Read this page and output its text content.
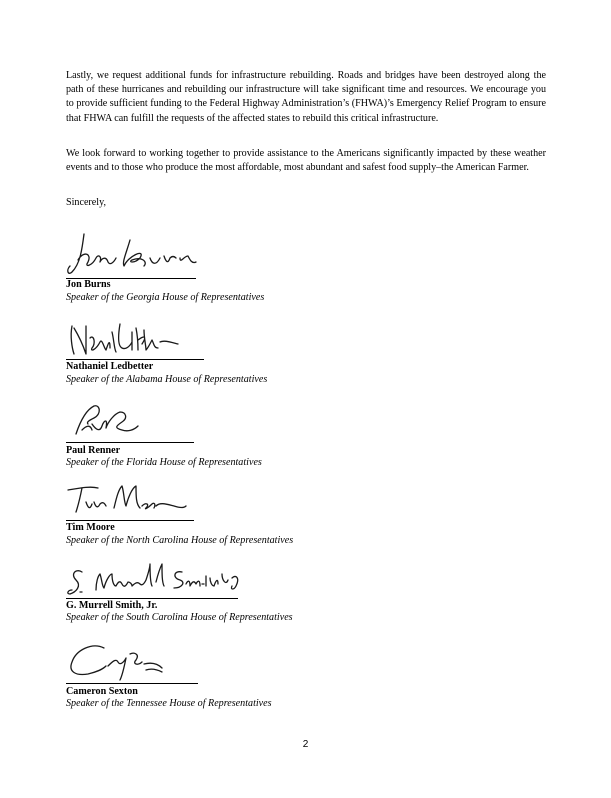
Lastly, we request additional funds for infrastructure rebuilding. Roads and bridges have been destroyed along the path of these hurricanes and rebuilding our infrastructure will take significant time and resources. We encourage you to provide sufficient funding to the Federal Highway Administration’s (FHWA)’s Emergency Relief Program to ensure that FHWA can fulfill the requests of the affected states to rebuild this critical infrastructure.

We look forward to working together to provide assistance to the Americans significantly impacted by these weather events and to those who produce the most affordable, most abundant and safest food supply–the American Farmer.

Sincerely,
Jon Burns
Speaker of the Georgia House of Representatives
Nathaniel Ledbetter
Speaker of the Alabama House of Representatives
Paul Renner
Speaker of the Florida House of Representatives
Tim Moore
Speaker of the North Carolina House of Representatives
G. Murrell Smith, Jr.
Speaker of the South Carolina House of Representatives
Cameron Sexton
Speaker of the Tennessee House of Representatives
2
